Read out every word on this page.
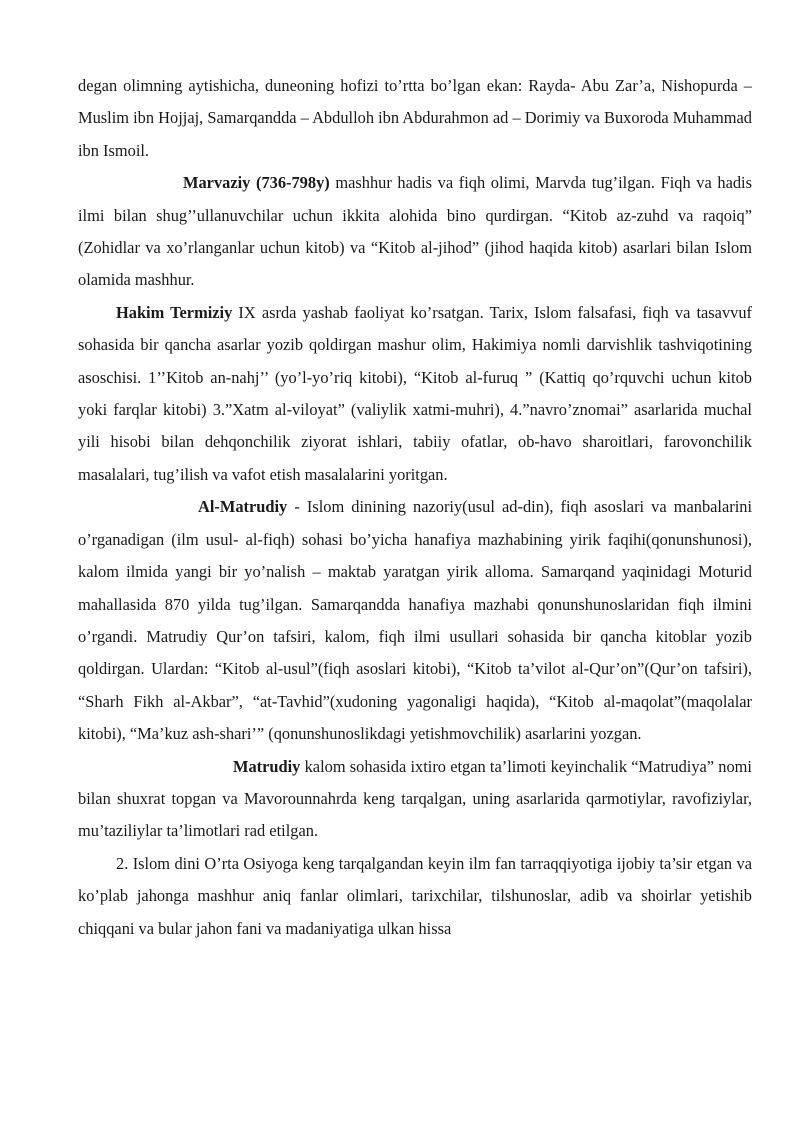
degan olimning aytishicha, duneoning hofizi to’rtta bo’lgan ekan: Rayda- Abu Zar’a, Nishopurda – Muslim ibn Hojjaj, Samarqandda – Abdulloh ibn Abdurahmon ad – Dorimiy va Buxoroda Muhammad ibn Ismoil.

Marvaziy (736-798y) mashhur hadis va fiqh olimi, Marvda tug’ilgan. Fiqh va hadis ilmi bilan shug’’ullanuvchilar uchun ikkita alohida bino qurdirgan. “Kitob az-zuhd va raqoiq” (Zohidlar va xo’rlanganlar uchun kitob) va “Kitob al-jihod” (jihod haqida kitob) asarlari bilan Islom olamida mashhur.

Hakim Termiziy IX asrda yashab faoliyat ko’rsatgan. Tarix, Islom falsafasi, fiqh va tasavvuf sohasida bir qancha asarlar yozib qoldirgan mashur olim, Hakimiya nomli darvishlik tashviqotining asoschisi. 1’’Kitob an-nahj’’ (yo’l-yo’riq kitobi), “Kitob al-furuq ” (Kattiq qo’rquvchi uchun kitob yoki farqlar kitobi) 3.”Xatm al-viloyat” (valiylik xatmi-muhri), 4.”navro’znomai” asarlarida muchal yili hisobi bilan dehqonchilik ziyorat ishlari, tabiiy ofatlar, ob-havo sharoitlari, farovonchilik masalalari, tug’ilish va vafot etish masalalarini yoritgan.

Al-Matrudiy - Islom dinining nazoriy(usul ad-din), fiqh asoslari va manbalarini o’rganadigan (ilm usul- al-fiqh) sohasi bo’yicha hanafiya mazhabining yirik faqihi(qonunshunosi), kalom ilmida yangi bir yo’nalish – maktab yaratgan yirik alloma. Samarqand yaqinidagi Moturid mahallasida 870 yilda tug’ilgan. Samarqandda hanafiya mazhabi qonunshunoslaridan fiqh ilmini o’rgandi. Matrudiy Qur’on tafsiri, kalom, fiqh ilmi usullari sohasida bir qancha kitoblar yozib qoldirgan. Ulardan: “Kitob al-usul”(fiqh asoslari kitobi), “Kitob ta’vilot al-Qur’on”(Qur’on tafsiri), “Sharh Fikh al-Akbar”, “at-Tavhid”(xudoning yagonaligi haqida), “Kitob al-maqolat”(maqolalar kitobi), “Ma’kuz ash-shari’” (qonunshunoslikdagi yetishmovchilik) asarlarini yozgan.

Matrudiy kalom sohasida ixtiro etgan ta’limoti keyinchalik “Matrudiya” nomi bilan shuxrat topgan va Mavorounnahrda keng tarqalgan, uning asarlarida qarmotiylar, ravofiziylar, mu’taziliylar ta’limotlari rad etilgan.

2. Islom dini O’rta Osiyoga keng tarqalgandan keyin ilm fan tarraqqiyotiga ijobiy ta’sir etgan va ko’plab jahonga mashhur aniq fanlar olimlari, tarixchilar, tilshunoslar, adib va shoirlar yetishib chiqqani va bular jahon fani va madaniyatiga ulkan hissa
